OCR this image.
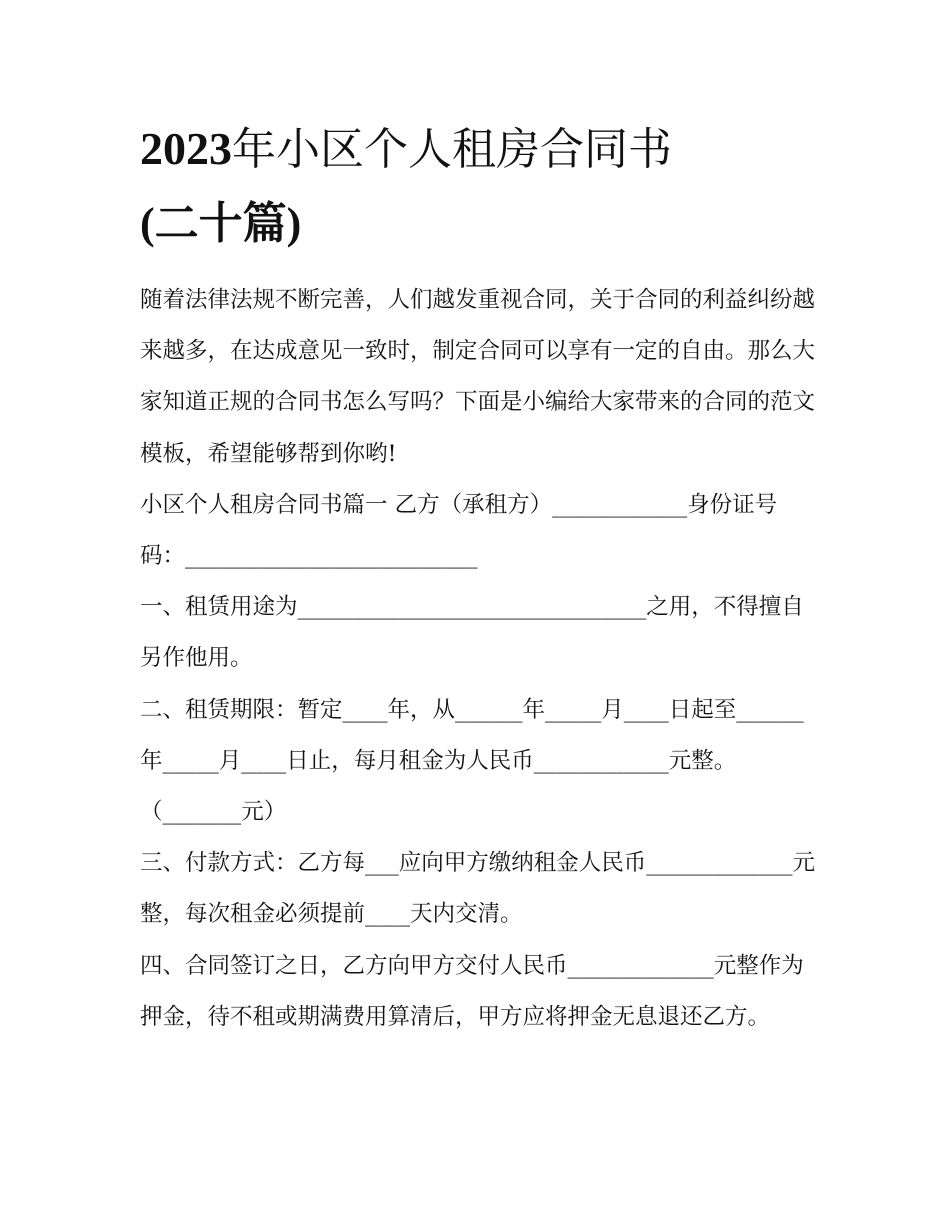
2023年小区个人租房合同书
(二十篇)

随着法律法规不断完善，人们越发重视合同，关于合同的利益纠纷越来越多，在达成意见一致时，制定合同可以享有一定的自由。那么大家知道正规的合同书怎么写吗？下面是小编给大家带来的合同的范文模板，希望能够帮到你哟!

小区个人租房合同书篇一 乙方（承租方）____________身份证号码：__________________________

一、租赁用途为_______________________________之用，不得擅自另作他用。

二、租赁期限：暂定____年，从______年_____月____日起至______年_____月____日止，每月租金为人民币____________元整。（_______元）

三、付款方式：乙方每___应向甲方缴纳租金人民币_____________元整，每次租金必须提前____天内交清。

四、合同签订之日，乙方向甲方交付人民币_____________元整作为押金，待不租或期满费用算清后，甲方应将押金无息退还乙方。
